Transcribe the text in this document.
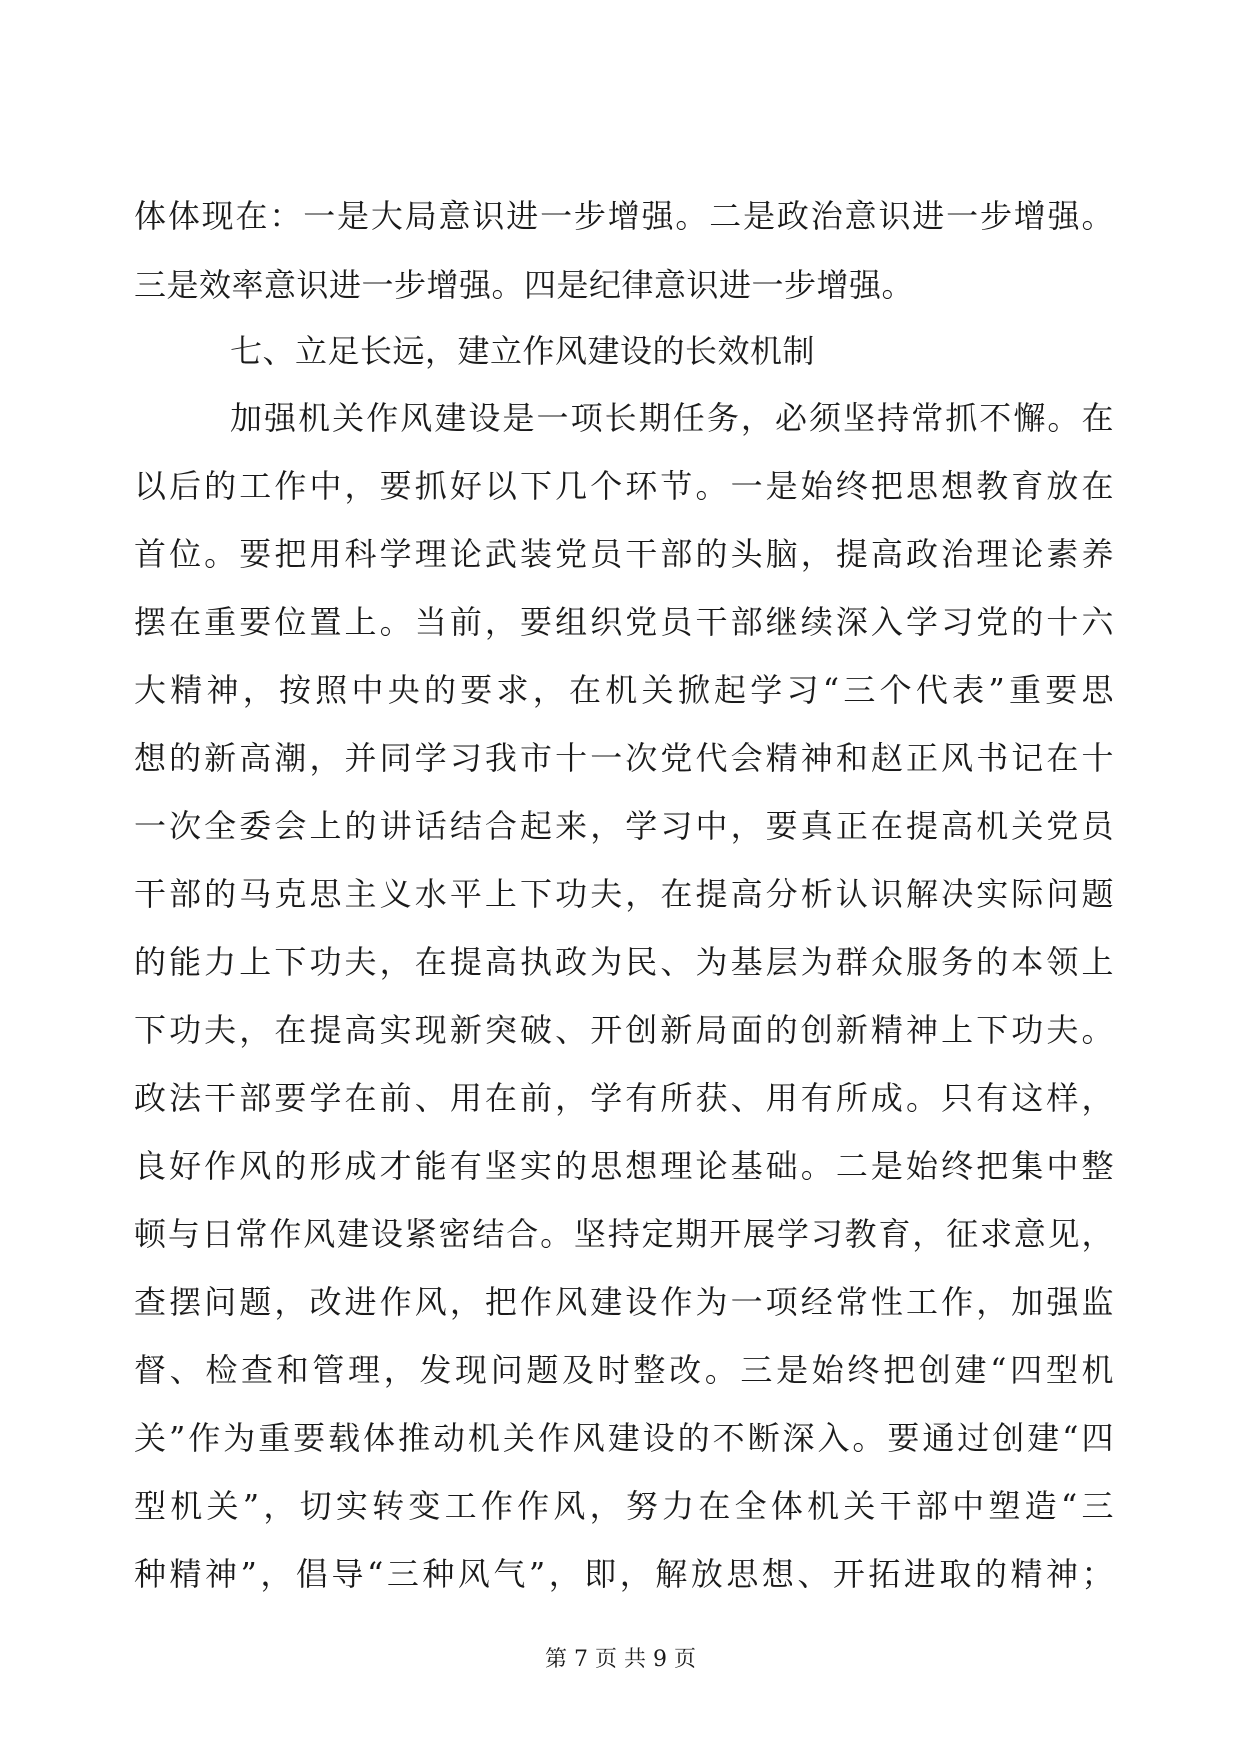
体体现在：一是大局意识进一步增强。二是政治意识进一步增强。
三是效率意识进一步增强。四是纪律意识进一步增强。
七、立足长远，建立作风建设的长效机制
加强机关作风建设是一项长期任务，必须坚持常抓不懈。在
以后的工作中，要抓好以下几个环节。一是始终把思想教育放在
首位。要把用科学理论武装党员干部的头脑，提高政治理论素养
摆在重要位置上。当前，要组织党员干部继续深入学习党的十六
大精神，按照中央的要求，在机关掀起学习“三个代表”重要思
想的新高潮，并同学习我市十一次党代会精神和赵正风书记在十
一次全委会上的讲话结合起来，学习中，要真正在提高机关党员
干部的马克思主义水平上下功夫，在提高分析认识解决实际问题
的能力上下功夫，在提高执政为民、为基层为群众服务的本领上
下功夫，在提高实现新突破、开创新局面的创新精神上下功夫。
政法干部要学在前、用在前，学有所获、用有所成。只有这样，
良好作风的形成才能有坚实的思想理论基础。二是始终把集中整
顿与日常作风建设紧密结合。坚持定期开展学习教育，征求意见，
查摆问题，改进作风，把作风建设作为一项经常性工作，加强监
督、检查和管理，发现问题及时整改。三是始终把创建“四型机
关”作为重要载体推动机关作风建设的不断深入。要通过创建“四
型机关”，切实转变工作作风，努力在全体机关干部中塑造“三
种精神”，倡导“三种风气”，即，解放思想、开拓进取的精神；
第 7 页 共 9 页
